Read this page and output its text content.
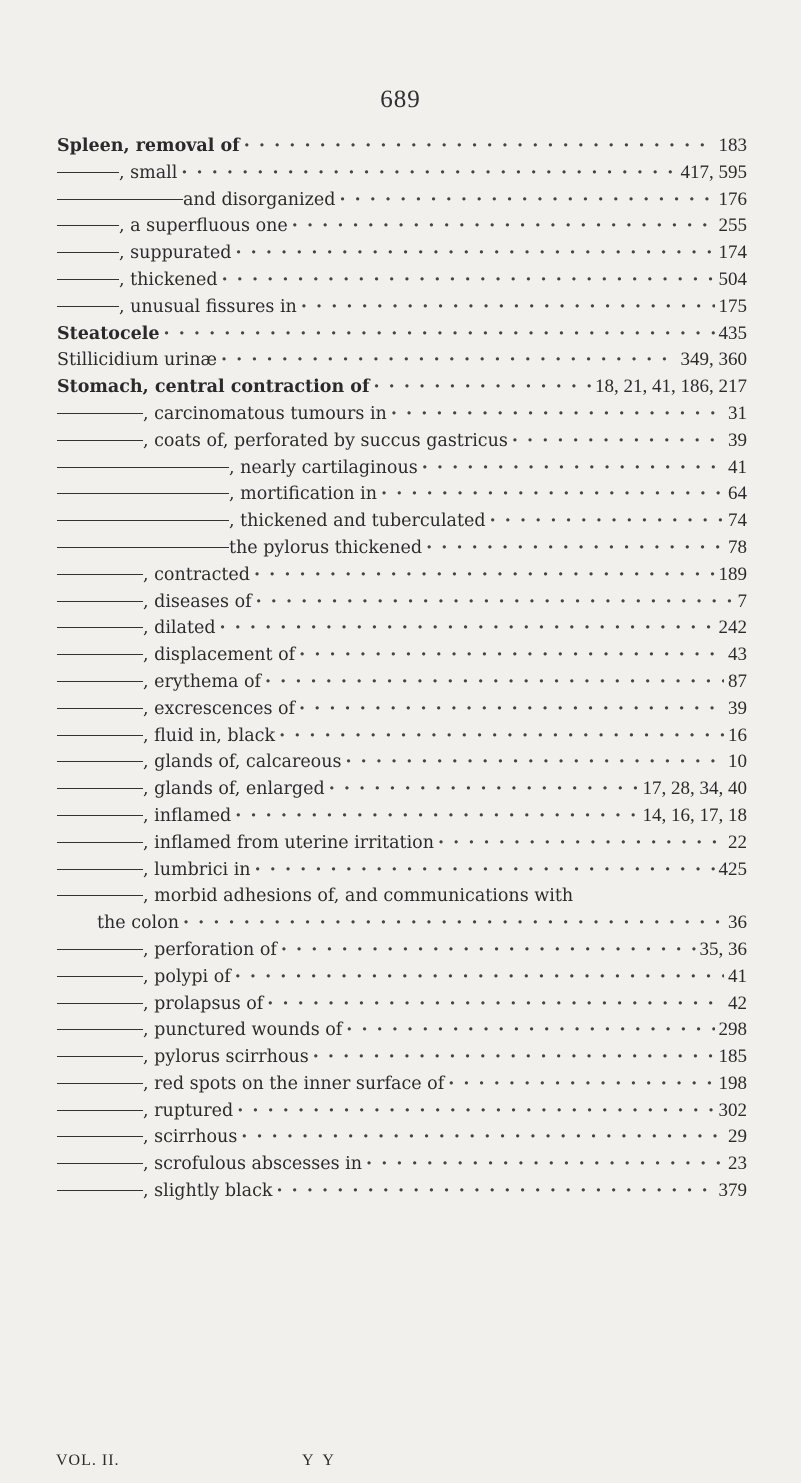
689
Spleen, removal of · · ·	183
, small · · ·	417, 595
and disorganized · · ·	176
, a superfluous one · · ·	255
, suppurated · · ·	174
, thickened · · ·	504
, unusual fissures in · · ·	175
Steatocele · · ·	435
Stillicidium urinæ · · ·	349, 360
Stomach, central contraction of · · ·	18, 21, 41, 186, 217
, carcinomatous tumours in · · ·	31
, coats of, perforated by succus gastricus · · ·	39
, nearly cartilaginous · · ·	41
, mortification in · · ·	64
, thickened and tuberculated · · ·	74
the pylorus thickened · · ·	78
, contracted · · ·	189
, diseases of · · ·	7
, dilated · · ·	242
, displacement of · · ·	43
, erythema of · · ·	87
, excrescences of · · ·	39
, fluid in, black · · ·	16
, glands of, calcareous · · ·	10
, glands of, enlarged · · ·	17, 28, 34, 40
, inflamed · · ·	14, 16, 17, 18
, inflamed from uterine irritation · · ·	22
, lumbrici in · · ·	425
, morbid adhesions of, and communications with
the colon · · ·	36
, perforation of · · ·	35, 36
, polypi of · · ·	41
, prolapsus of · · ·	42
, punctured wounds of · · ·	298
, pylorus scirrhous · · ·	185
, red spots on the inner surface of · · ·	198
, ruptured · · ·	302
, scirrhous · · ·	29
, scrofulous abscesses in · · ·	23
, slightly black · · ·	379
VOL. II.	Y Y
